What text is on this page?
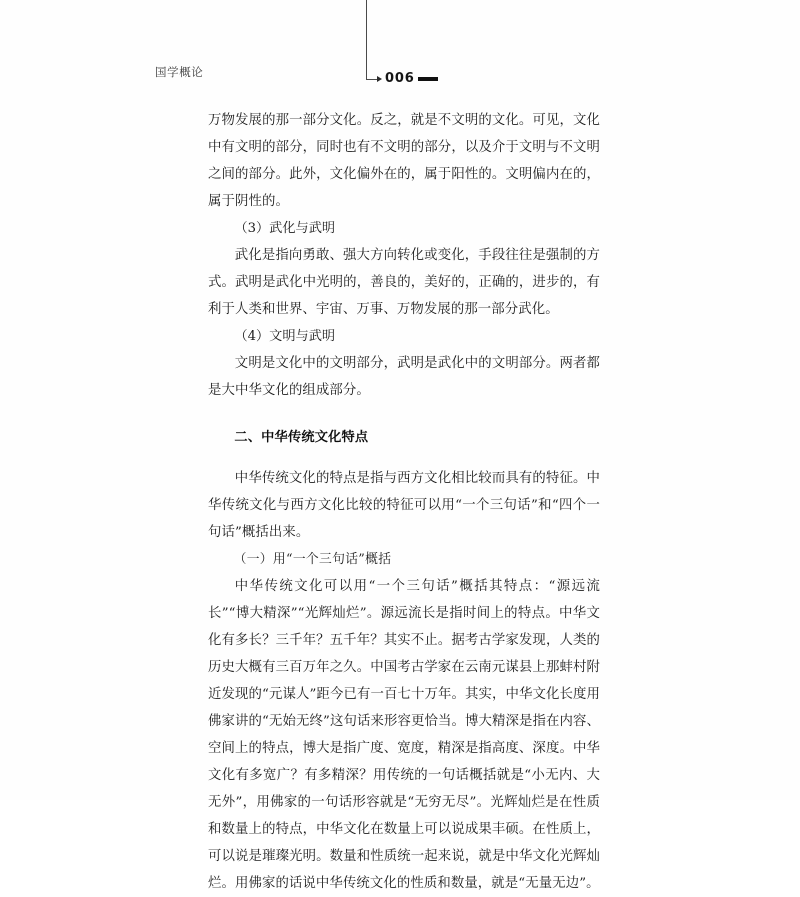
国学概论	006

万物发展的那一部分文化。反之，就是不文明的文化。可见，文化中有文明的部分，同时也有不文明的部分，以及介于文明与不文明之间的部分。此外，文化偏外在的，属于阳性的。文明偏内在的，属于阴性的。

（3）武化与武明

武化是指向勇敢、强大方向转化或变化，手段往往是强制的方式。武明是武化中光明的，善良的，美好的，正确的，进步的，有利于人类和世界、宇宙、万事、万物发展的那一部分武化。

（4）文明与武明

文明是文化中的文明部分，武明是武化中的文明部分。两者都是大中华文化的组成部分。

二、中华传统文化特点

中华传统文化的特点是指与西方文化相比较而具有的特征。中华传统文化与西方文化比较的特征可以用“一个三句话”和“四个一句话”概括出来。

（一）用“一个三句话”概括

中华传统文化可以用“一个三句话”概括其特点：“源远流长”“博大精深”“光辉灿烂”。源远流长是指时间上的特点。中华文化有多长？三千年？五千年？其实不止。据考古学家发现，人类的历史大概有三百万年之久。中国考古学家在云南元谋县上那蚌村附近发现的“元谋人”距今已有一百七十万年。其实，中华文化长度用佛家讲的“无始无终”这句话来形容更恰当。博大精深是指在内容、空间上的特点，博大是指广度、宽度，精深是指高度、深度。中华文化有多宽广？有多精深？用传统的一句话概括就是“小无内、大无外”，用佛家的一句话形容就是“无穷无尽”。光辉灿烂是在性质和数量上的特点，中华文化在数量上可以说成果丰硕。在性质上，可以说是璀璨光明。数量和性质统一起来说，就是中华文化光辉灿烂。用佛家的话说中华传统文化的性质和数量，就是“无量无边”。
